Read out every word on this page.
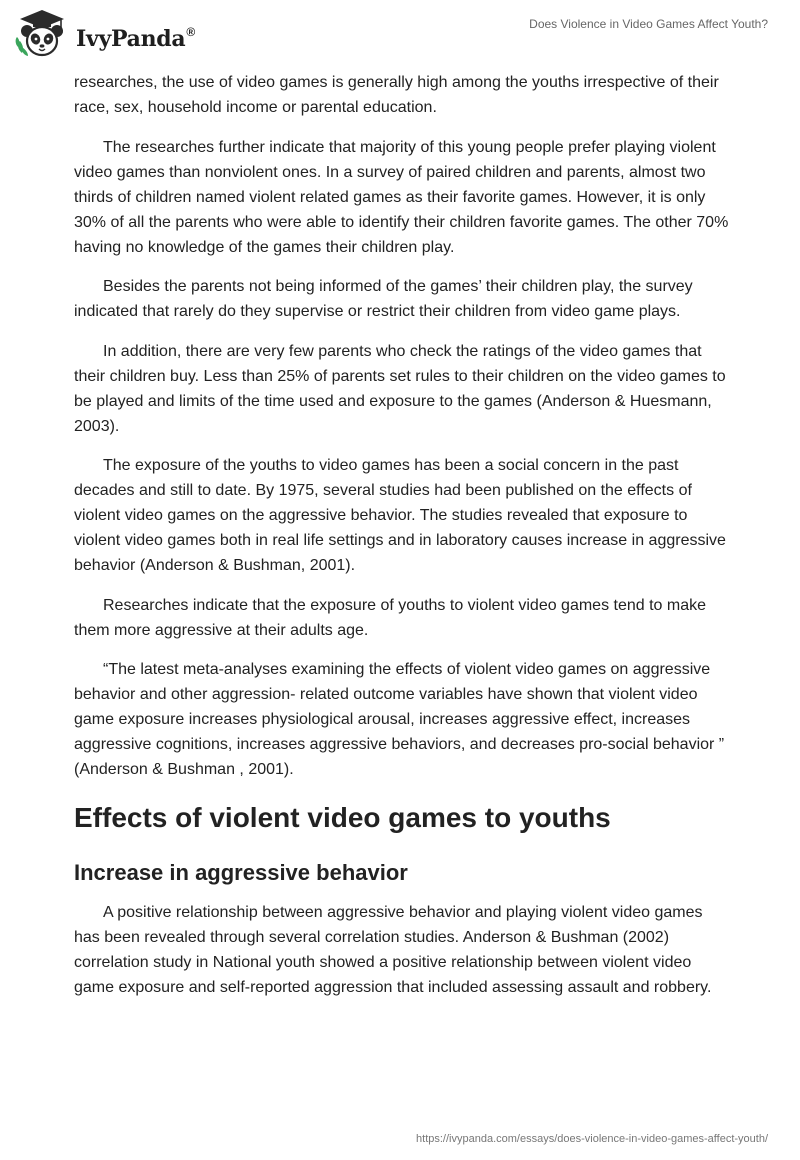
IvyPanda®
Does Violence in Video Games Affect Youth?

researches, the use of video games is generally high among the youths irrespective of their race, sex, household income or parental education.

The researches further indicate that majority of this young people prefer playing violent video games than nonviolent ones. In a survey of paired children and parents, almost two thirds of children named violent related games as their favorite games. However, it is only 30% of all the parents who were able to identify their children favorite games. The other 70% having no knowledge of the games their children play.

Besides the parents not being informed of the games’ their children play, the survey indicated that rarely do they supervise or restrict their children from video game plays.

In addition, there are very few parents who check the ratings of the video games that their children buy. Less than 25% of parents set rules to their children on the video games to be played and limits of the time used and exposure to the games (Anderson & Huesmann, 2003).

The exposure of the youths to video games has been a social concern in the past decades and still to date. By 1975, several studies had been published on the effects of violent video games on the aggressive behavior. The studies revealed that exposure to violent video games both in real life settings and in laboratory causes increase in aggressive behavior (Anderson & Bushman, 2001).

Researches indicate that the exposure of youths to violent video games tend to make them more aggressive at their adults age.

“The latest meta-analyses examining the effects of violent video games on aggressive behavior and other aggression- related outcome variables have shown that violent video game exposure increases physiological arousal, increases aggressive effect, increases aggressive cognitions, increases aggressive behaviors, and decreases pro-social behavior ” (Anderson & Bushman , 2001).

Effects of violent video games to youths
Increase in aggressive behavior

A positive relationship between aggressive behavior and playing violent video games has been revealed through several correlation studies. Anderson & Bushman (2002) correlation study in National youth showed a positive relationship between violent video game exposure and self-reported aggression that included assessing assault and robbery.

https://ivypanda.com/essays/does-violence-in-video-games-affect-youth/
